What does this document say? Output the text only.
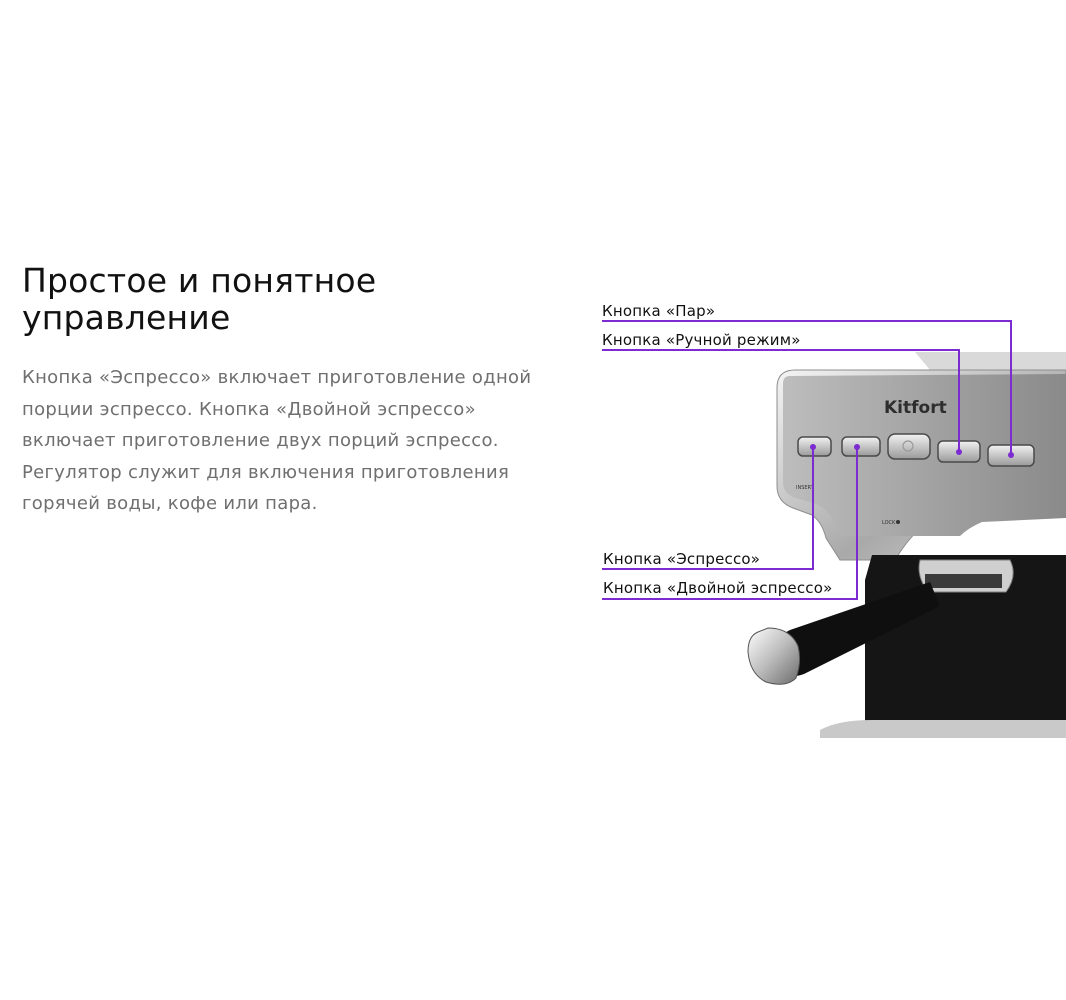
Простое и понятное
управление

Кнопка «Эспрессо» включает приготовление одной порции эспрессо. Кнопка «Двойной эспрессо» включает приготовление двух порций эспрессо. Регулятор служит для включения приготовления горячей воды, кофе или пара.

INSERT
LOCK
Kitfort
Кнопка «Пар»
Кнопка «Ручной режим»
Кнопка «Эспрессо»
Кнопка «Двойной эспрессо»
